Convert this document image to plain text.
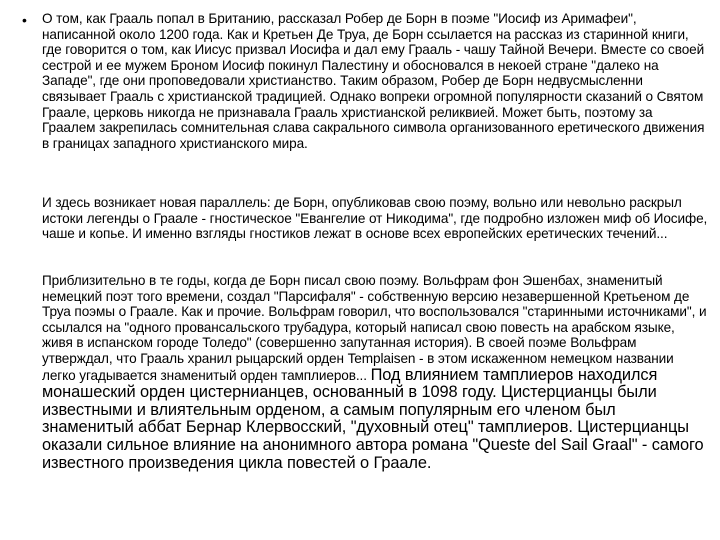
• О том, как Грааль попал в Британию, рассказал Робер де Борн в поэме "Иосиф из Аримафеи", написанной около 1200 года. Как и Кретьен Де Труа, де Борн ссылается на рассказ из старинной книги, где говорится о том, как Иисус призвал Иосифа и дал ему Грааль - чашу Тайной Вечери. Вместе со своей сестрой и ее мужем Броном Иосиф покинул Палестину и обосновался в некоей стране "далеко на Западе", где они проповедовали христианство. Таким образом, Робер де Борн недвусмысленни связывает Грааль с христианской традицией. Однако вопреки огромной популярности сказаний о Святом Граале, церковь никогда не признавала Грааль христианской реликвией. Может быть, поэтому за Граалем закрепилась сомнительная слава сакрального символа организованного еретического движения в границах западного христианского мира.

И здесь возникает новая параллель: де Борн, опубликовав свою поэму, вольно или невольно раскрыл истоки легенды о Граале - гностическое "Евангелие от Никодима", где подробно изложен миф об Иосифе, чаше и копье. И именно взгляды гностиков лежат в основе всех европейских еретических течений...

Приблизительно в те годы, когда де Борн писал свою поэму. Вольфрам фон Эшенбах, знаменитый немецкий поэт того времени, создал "Парсифаля" - собственную версию незавершенной Кретьеном де Труа поэмы о Граале. Как и прочие. Вольфрам говорил, что воспользовался "старинными источниками", и ссылался на "одного провансальского трубадура, который написал свою повесть на арабском языке, живя в испанском городе Толедо" (совершенно запутанная история). В своей поэме Вольфрам утверждал, что Грааль хранил рыцарский орден Templaisen - в этом искаженном немецком названии легко угадывается знаменитый орден тамплиеров... Под влиянием тамплиеров находился монашеский орден цистернианцев, основанный в 1098 году. Цистерцианцы были известными и влиятельным орденом, а самым популярным его членом был знаменитый аббат Бернар Клервосский, "духовный отец" тамплиеров. Цистерцианцы оказали сильное влияние на анонимного автора романа "Queste del Sail Graal" - самого известного произведения цикла повестей о Граале.
